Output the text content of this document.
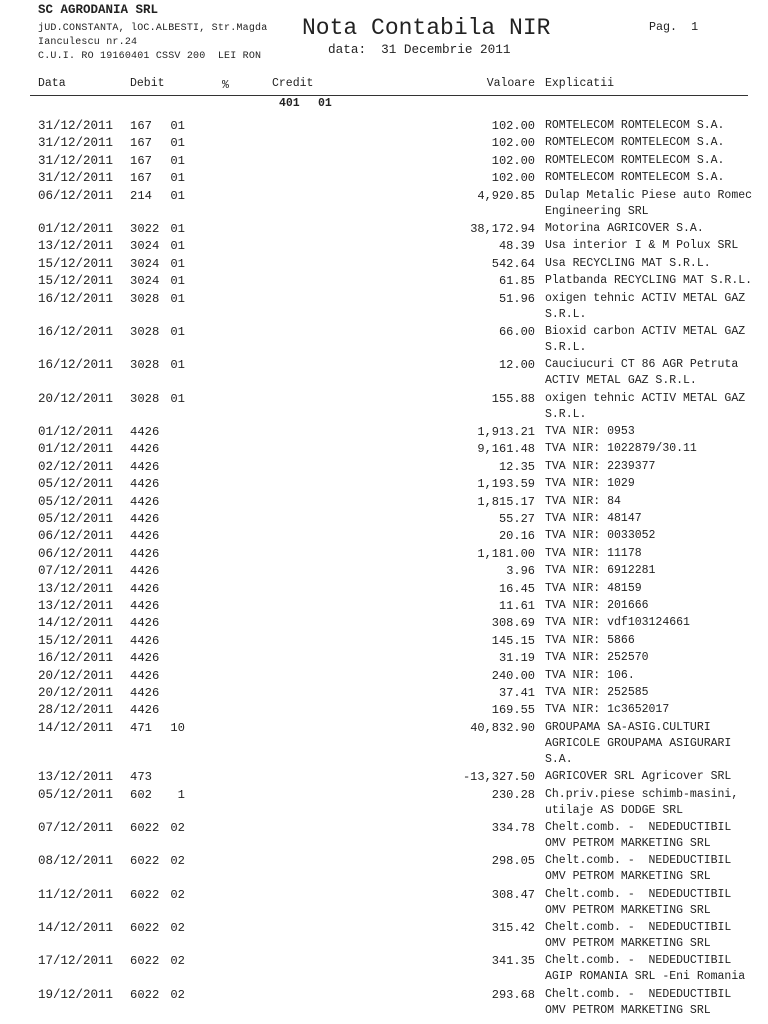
SC AGRODANIA SRL
jUD.CONSTANTA, lOC.ALBESTI, Str.Magda
Ianculescu nr.24
C.U.I. RO 19160401 CSSV 200  LEI RON
Nota Contabila NIR
data: 31 Decembrie 2011
Pag. 1
Data	Debit	%	Credit	Valoare Explicatii
401 01
31/12/2011 167 01	102.00 ROMTELECOM ROMTELECOM S.A.
31/12/2011 167 01	102.00 ROMTELECOM ROMTELECOM S.A.
31/12/2011 167 01	102.00 ROMTELECOM ROMTELECOM S.A.
31/12/2011 167 01	102.00 ROMTELECOM ROMTELECOM S.A.
06/12/2011 214 01	4,920.85 Dulap Metalic Piese auto Romec
Engineering SRL
01/12/2011 3022 01	38,172.94 Motorina AGRICOVER S.A.
13/12/2011 3024 01	48.39 Usa interior I & M Polux SRL
15/12/2011 3024 01	542.64 Usa RECYCLING MAT S.R.L.
15/12/2011 3024 01	61.85 Platbanda RECYCLING MAT S.R.L.
16/12/2011 3028 01	51.96 oxigen tehnic ACTIV METAL GAZ
S.R.L.
16/12/2011 3028 01	66.00 Bioxid carbon ACTIV METAL GAZ
S.R.L.
16/12/2011 3028 01	12.00 Cauciucuri CT 86 AGR Petruta
ACTIV METAL GAZ S.R.L.
20/12/2011 3028 01	155.88 oxigen tehnic ACTIV METAL GAZ
S.R.L.
01/12/2011 4426	1,913.21 TVA NIR: 0953
01/12/2011 4426	9,161.48 TVA NIR: 1022879/30.11
02/12/2011 4426	12.35 TVA NIR: 2239377
05/12/2011 4426	1,193.59 TVA NIR: 1029
05/12/2011 4426	1,815.17 TVA NIR: 84
05/12/2011 4426	55.27 TVA NIR: 48147
06/12/2011 4426	20.16 TVA NIR: 0033052
06/12/2011 4426	1,181.00 TVA NIR: 11178
07/12/2011 4426	3.96 TVA NIR: 6912281
13/12/2011 4426	16.45 TVA NIR: 48159
13/12/2011 4426	11.61 TVA NIR: 201666
14/12/2011 4426	308.69 TVA NIR: vdf103124661
15/12/2011 4426	145.15 TVA NIR: 5866
16/12/2011 4426	31.19 TVA NIR: 252570
20/12/2011 4426	240.00 TVA NIR: 106.
20/12/2011 4426	37.41 TVA NIR: 252585
28/12/2011 4426	169.55 TVA NIR: 1c3652017
14/12/2011 471 10	40,832.90 GROUPAMA SA-ASIG.CULTURI
AGRICOLE GROUPAMA ASIGURARI
S.A.
13/12/2011 473	-13,327.50 AGRICOVER SRL Agricover SRL
05/12/2011 602	1	230.28 Ch.priv.piese schimb-masini,
utilaje AS DODGE SRL
07/12/2011 6022 02	334.78 Chelt.comb. -  NEDEDUCTIBIL
OMV PETROM MARKETING SRL
08/12/2011 6022 02	298.05 Chelt.comb. -  NEDEDUCTIBIL
OMV PETROM MARKETING SRL
11/12/2011 6022 02	308.47 Chelt.comb. -  NEDEDUCTIBIL
OMV PETROM MARKETING SRL
14/12/2011 6022 02	315.42 Chelt.comb. -  NEDEDUCTIBIL
OMV PETROM MARKETING SRL
17/12/2011 6022 02	341.35 Chelt.comb. -  NEDEDUCTIBIL
AGIP ROMANIA SRL -Eni Romania
19/12/2011 6022 02	293.68 Chelt.comb. -  NEDEDUCTIBIL
OMV PETROM MARKETING SRL
